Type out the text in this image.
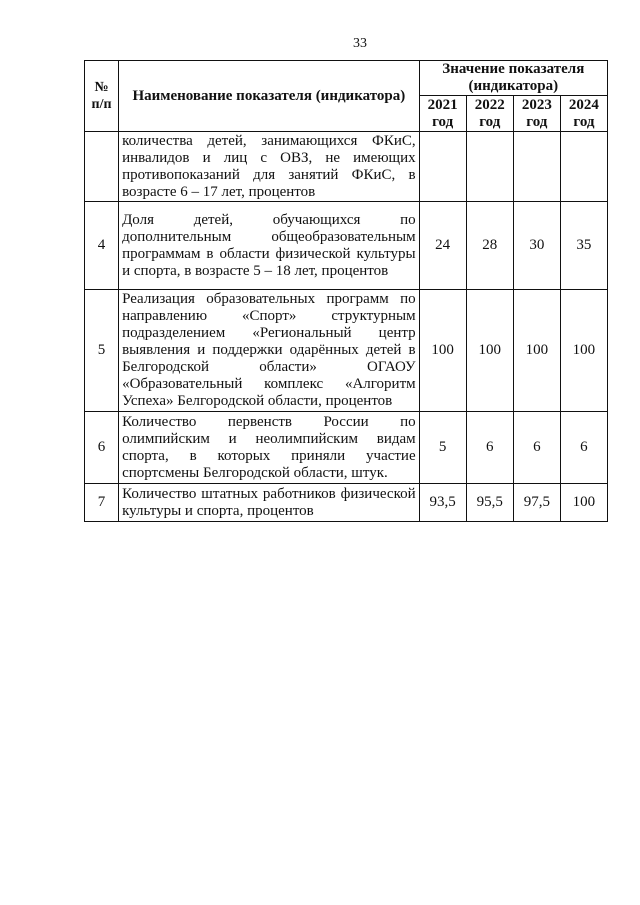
33
№ п/п	Наименование показателя (индикатора)	Значение показателя (индикатора)			
		2021 год	2022 год	2023 год	2024 год
	количества детей, занимающихся ФКиС, инвалидов и лиц с ОВЗ, не имеющих противопоказаний для занятий ФКиС, в возрасте 6 – 17 лет, процентов				
4	Доля детей, обучающихся по дополнительным общеобразовательным программам в области физической культуры и спорта, в возрасте 5 – 18 лет, процентов	24	28	30	35
5	Реализация образовательных программ по направлению «Спорт» структурным подразделением «Региональный центр выявления и поддержки одарённых детей в Белгородской области» ОГАОУ «Образовательный комплекс «Алгоритм Успеха» Белгородской области, процентов	100	100	100	100
6	Количество первенств России по олимпийским и неолимпийским видам спорта, в которых приняли участие спортсмены Белгородской области, штук.	5	6	6	6
7	Количество штатных работников физической культуры и спорта, процентов	93,5	95,5	97,5	100
